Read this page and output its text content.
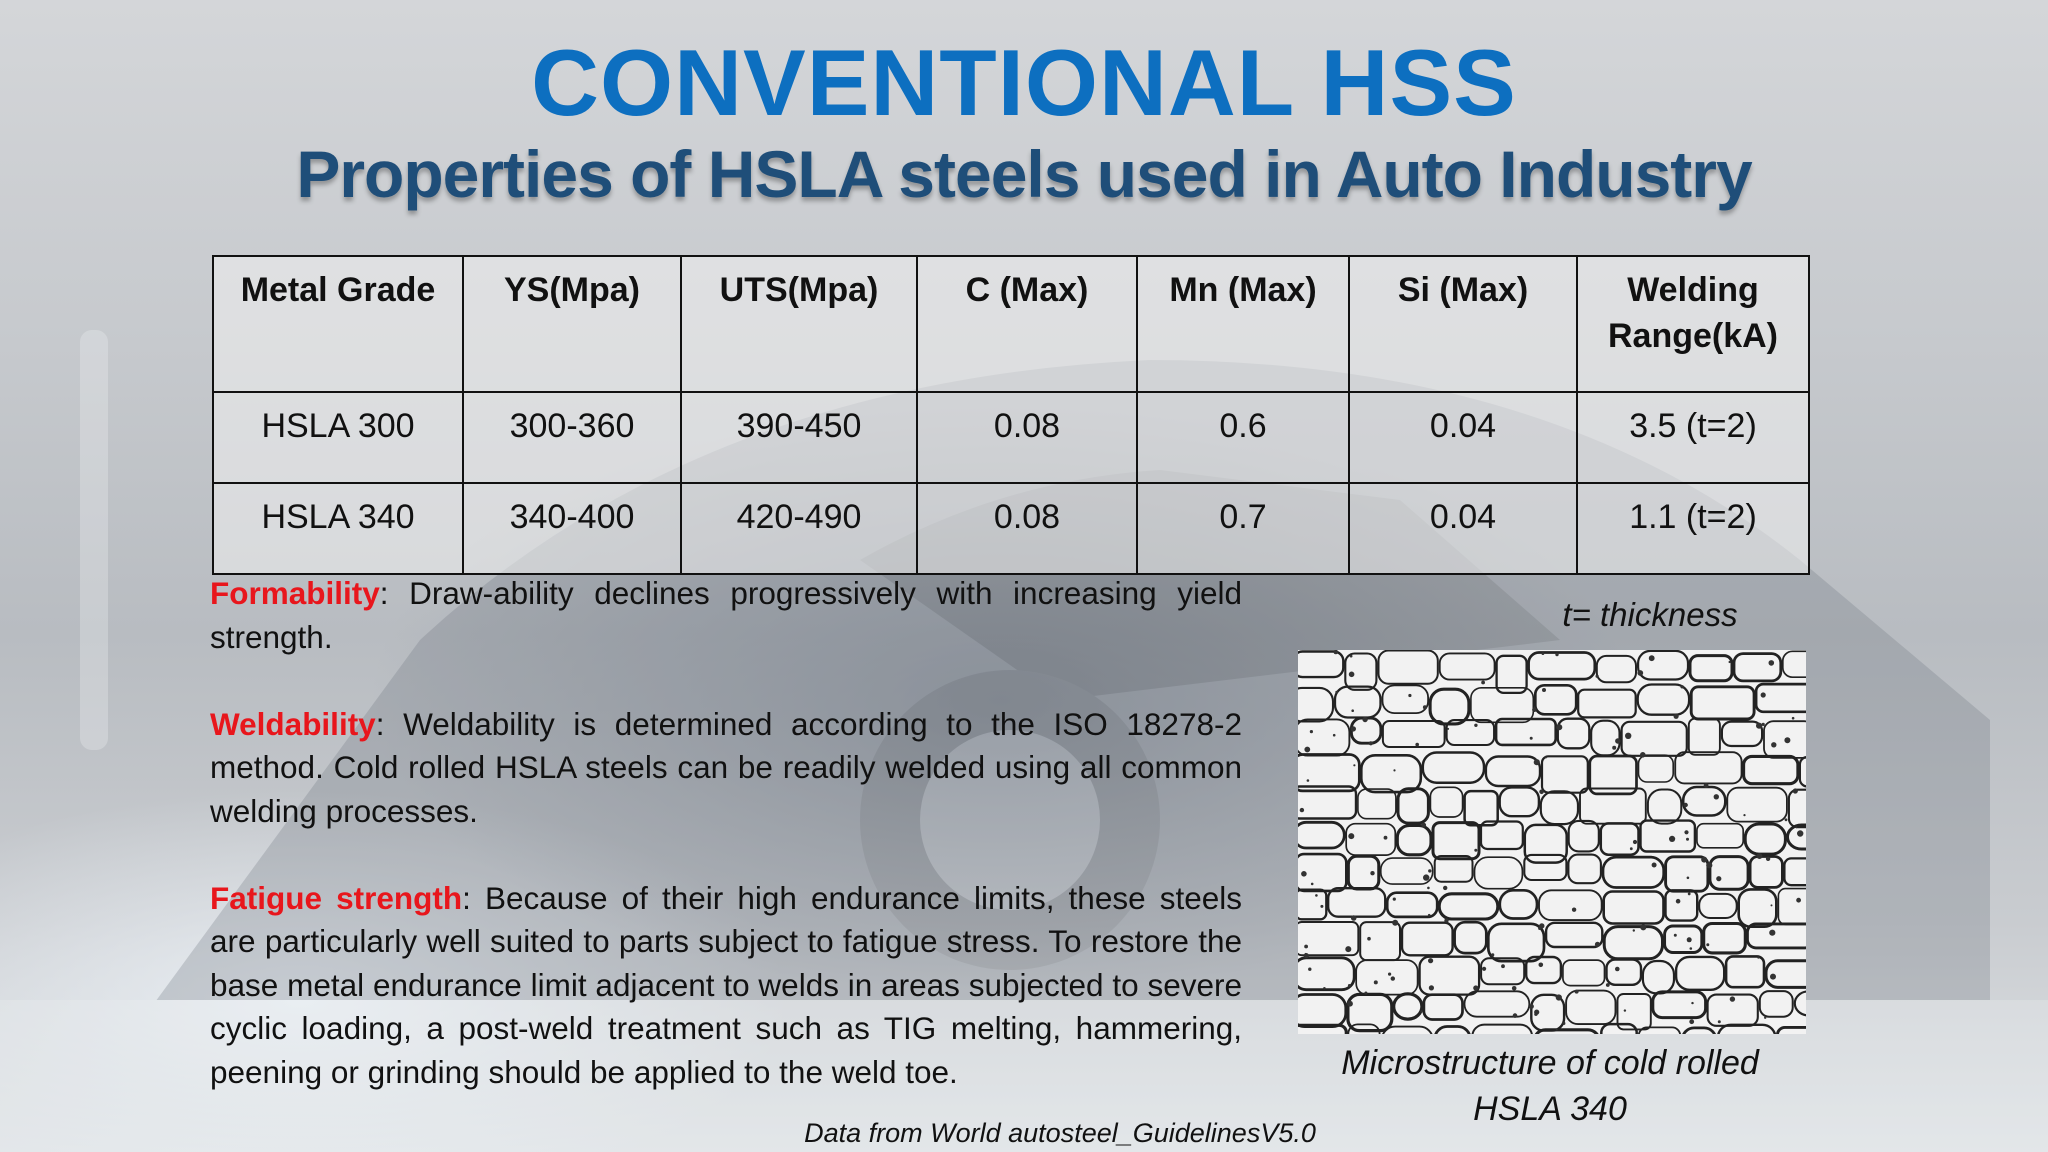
CONVENTIONAL HSS
Properties of HSLA steels used in Auto Industry
Metal Grade	YS(Mpa)	UTS(Mpa)	C (Max)	Mn (Max)	Si (Max)	Welding Range(kA)
HSLA 300	300-360	390-450	0.08	0.6	0.04	3.5 (t=2)
HSLA 340	340-400	420-490	0.08	0.7	0.04	1.1 (t=2)

Formability: Draw-ability declines progressively with increasing yield strength.

Weldability: Weldability is determined according to the ISO 18278-2 method. Cold rolled HSLA steels can be readily welded using all common welding processes.

Fatigue strength: Because of their high endurance limits, these steels are particularly well suited to parts subject to fatigue stress. To restore the base metal endurance limit adjacent to welds in areas subjected to severe cyclic loading, a post-weld treatment such as TIG melting, hammering, peening or grinding should be applied to the weld toe.

t= thickness
Microstructure of cold rolled
HSLA 340
Data from World autosteel_GuidelinesV5.0
